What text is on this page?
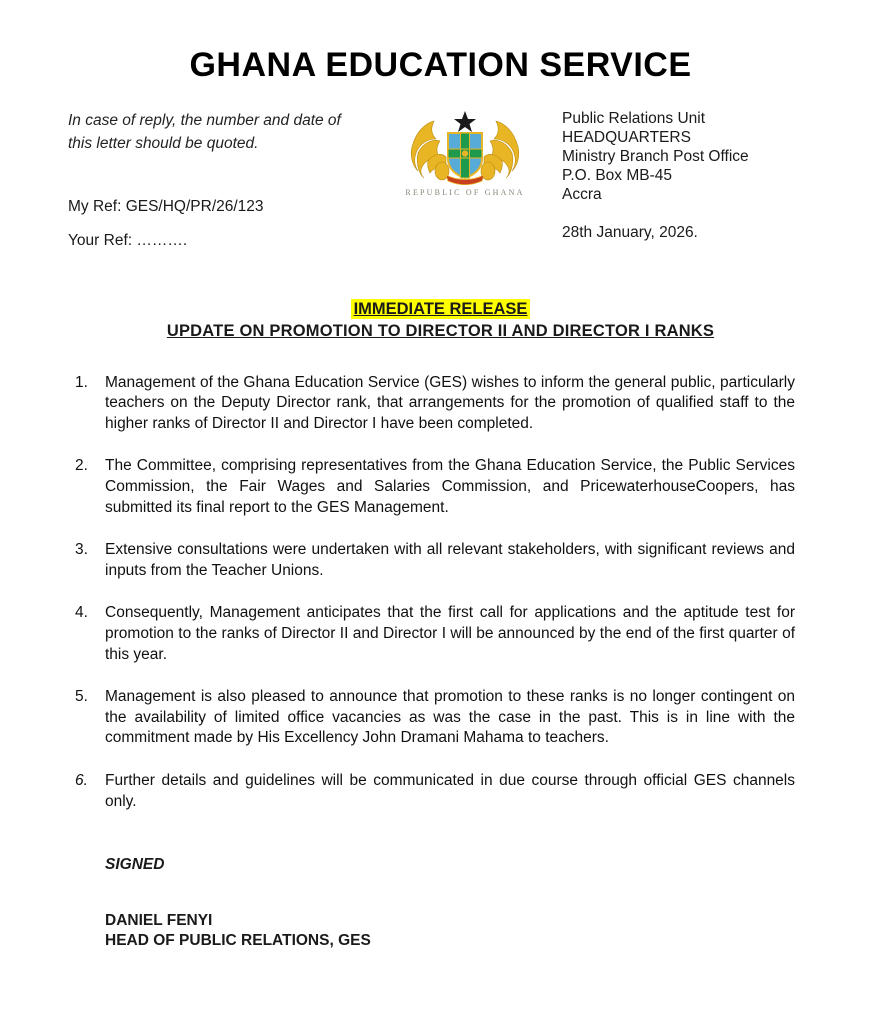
GHANA EDUCATION SERVICE
In case of reply, the number and date of this letter should be quoted.
My Ref: GES/HQ/PR/26/123
Your Ref: ……….
REPUBLIC OF GHANA
Public Relations Unit
HEADQUARTERS
Ministry Branch Post Office
P.O. Box MB-45
Accra
28th January, 2026.
IMMEDIATE RELEASE
UPDATE ON PROMOTION TO DIRECTOR II AND DIRECTOR I RANKS
1.	Management of the Ghana Education Service (GES) wishes to inform the general public, particularly teachers on the Deputy Director rank, that arrangements for the promotion of qualified staff to the higher ranks of Director II and Director I have been completed.
2.	The Committee, comprising representatives from the Ghana Education Service, the Public Services Commission, the Fair Wages and Salaries Commission, and PricewaterhouseCoopers, has submitted its final report to the GES Management.
3.	Extensive consultations were undertaken with all relevant stakeholders, with significant reviews and inputs from the Teacher Unions.
4.	Consequently, Management anticipates that the first call for applications and the aptitude test for promotion to the ranks of Director II and Director I will be announced by the end of the first quarter of this year.
5.	Management is also pleased to announce that promotion to these ranks is no longer contingent on the availability of limited office vacancies as was the case in the past. This is in line with the commitment made by His Excellency John Dramani Mahama to teachers.
6.	Further details and guidelines will be communicated in due course through official GES channels only.
SIGNED
DANIEL FENYI
HEAD OF PUBLIC RELATIONS, GES
